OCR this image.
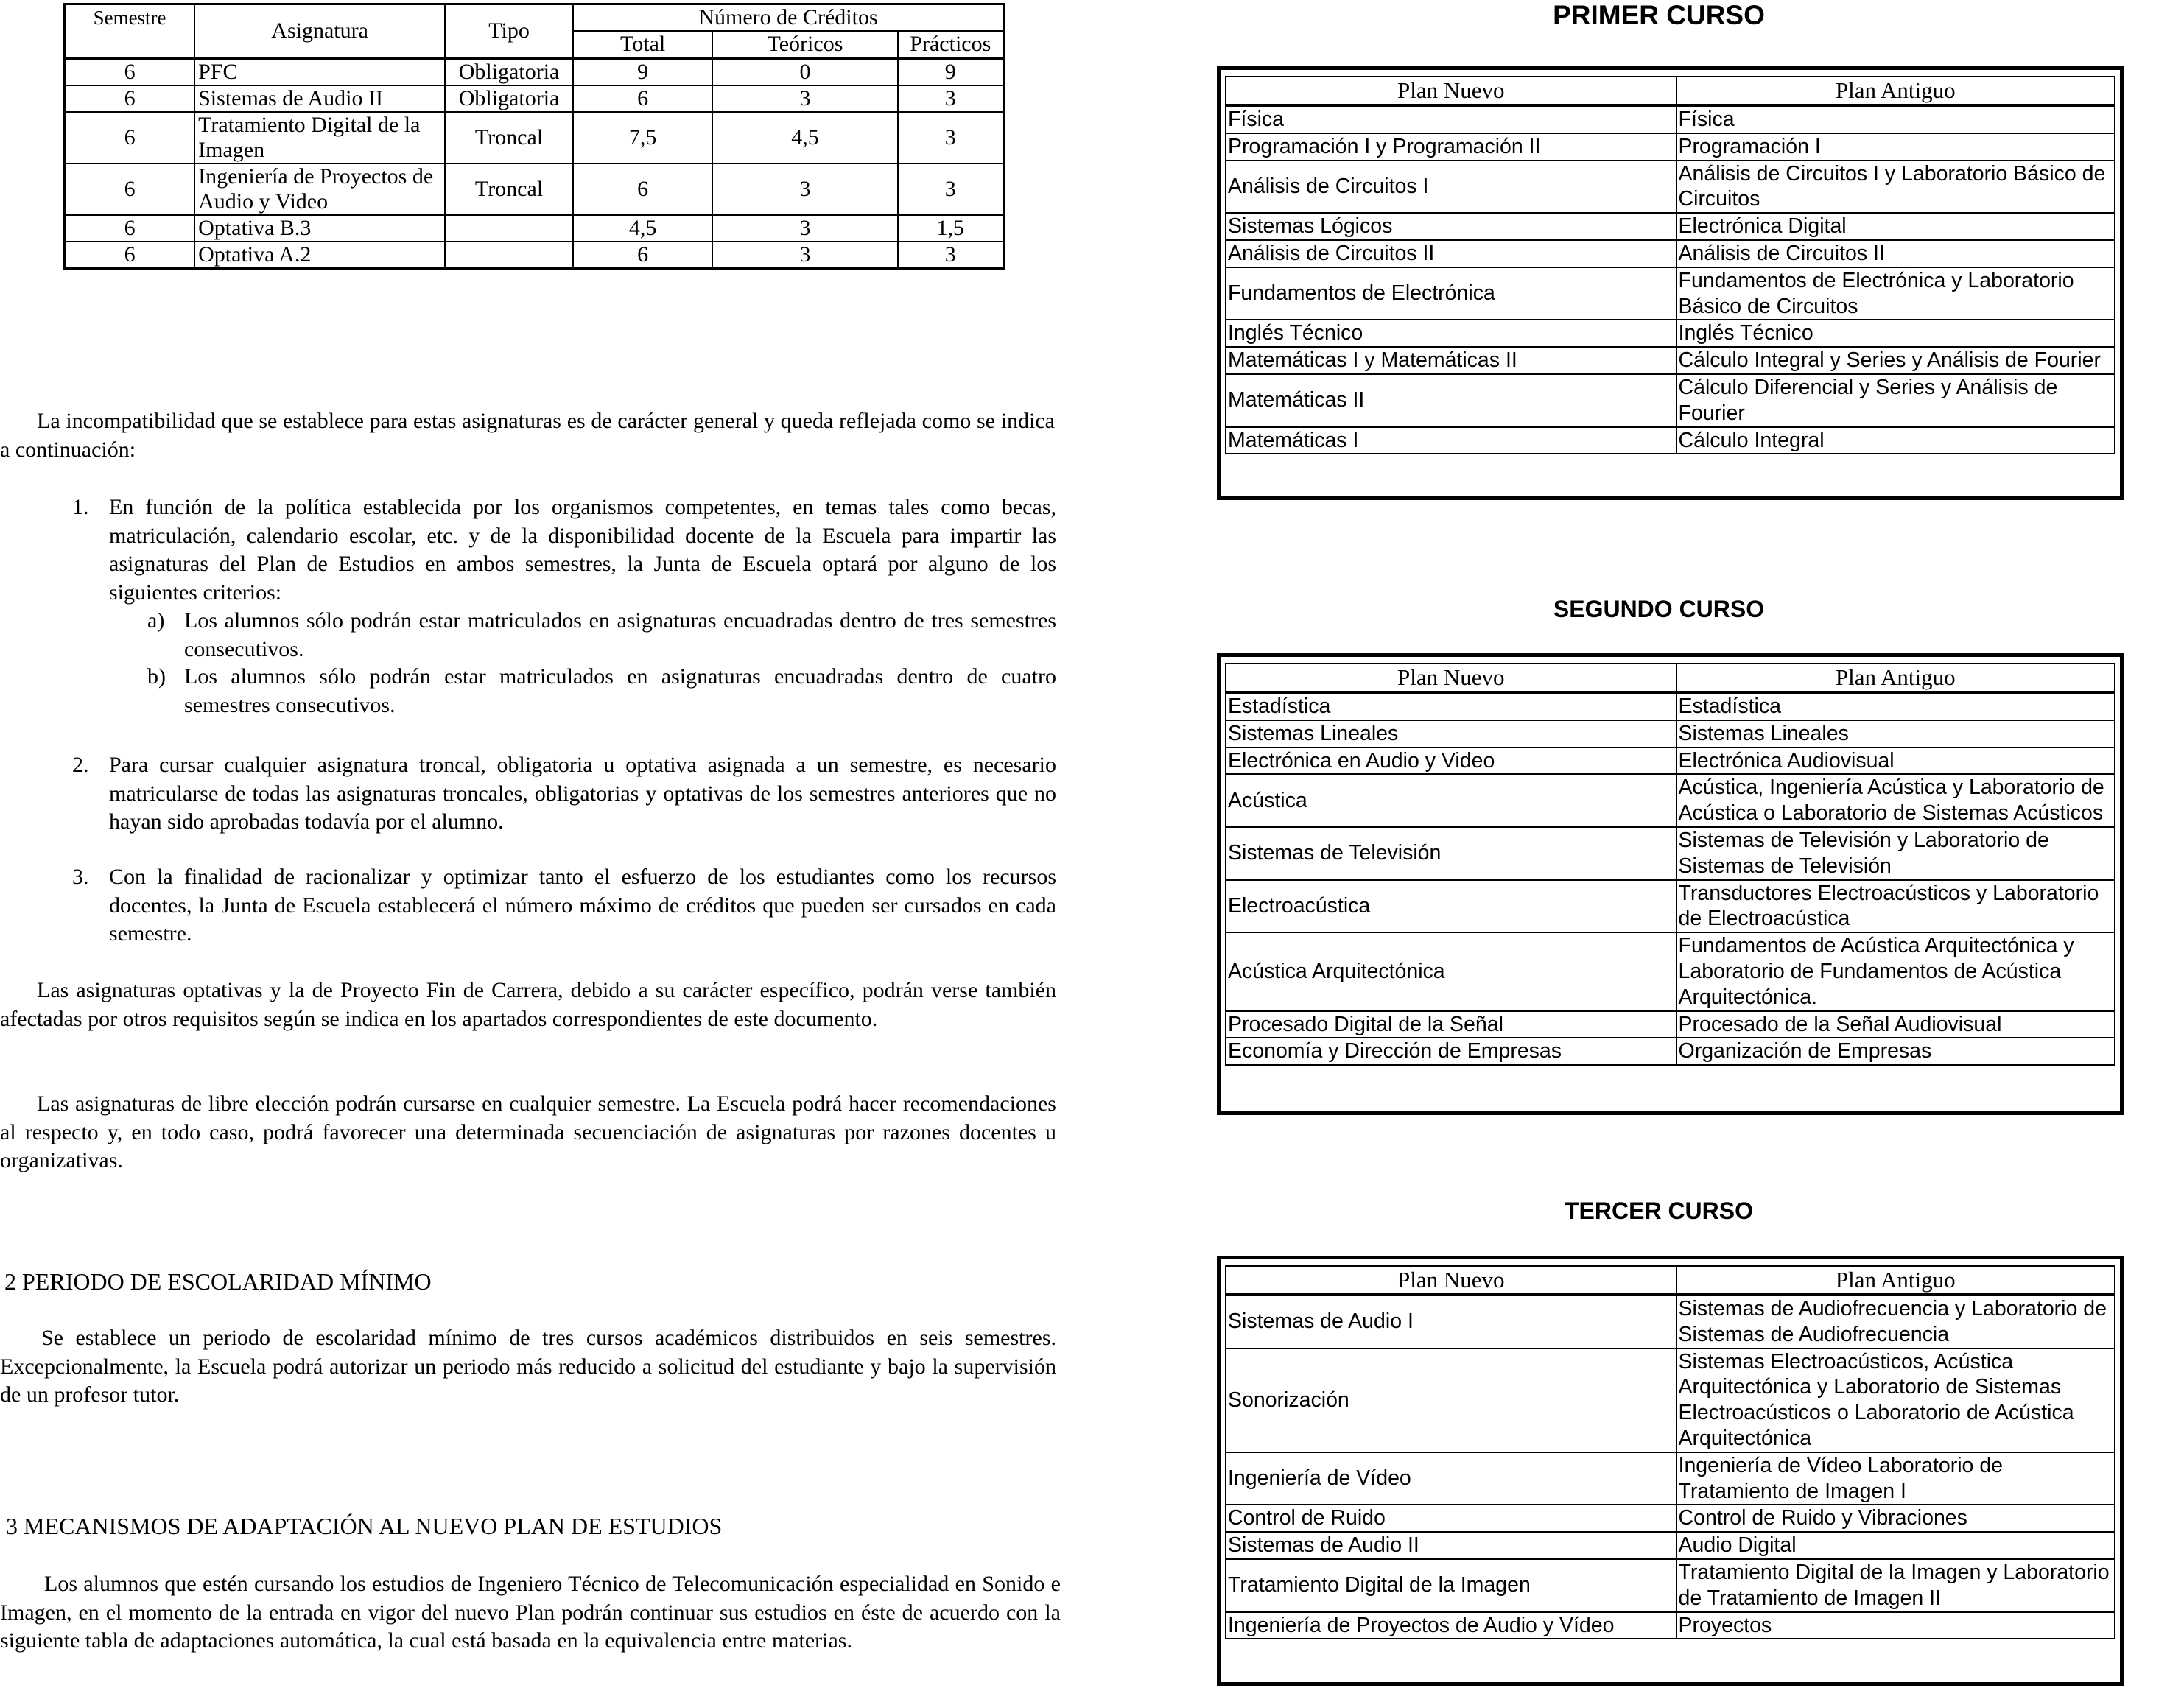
Semestre	Asignatura	Tipo	Número de Créditos		
			Total	Teóricos	Prácticos
6	PFC	Obligatoria	9	0	9
6	Sistemas de Audio II	Obligatoria	6	3	3
6	Tratamiento Digital de la Imagen	Troncal	7,5	4,5	3
6	Ingeniería de Proyectos de Audio y Video	Troncal	6	3	3
6	Optativa B.3		4,5	3	1,5
6	Optativa A.2		6	3	3
La incompatibilidad que se establece para estas asignaturas es de carácter general y queda reflejada como se indica a continuación:
1. En función de la política establecida por los organismos competentes, en temas tales como becas, matriculación, calendario escolar, etc. y de la disponibilidad docente de la Escuela para impartir las asignaturas del Plan de Estudios en ambos semestres, la Junta de Escuela optará por alguno de los siguientes criterios:
a) Los alumnos sólo podrán estar matriculados en asignaturas encuadradas dentro de tres semestres consecutivos.
b) Los alumnos sólo podrán estar matriculados en asignaturas encuadradas dentro de cuatro semestres consecutivos.
2. Para cursar cualquier asignatura troncal, obligatoria u optativa asignada a un semestre, es necesario matricularse de todas las asignaturas troncales, obligatorias y optativas de los semestres anteriores que no hayan sido aprobadas todavía por el alumno.
3. Con la finalidad de racionalizar y optimizar tanto el esfuerzo de los estudiantes como los recursos docentes, la Junta de Escuela establecerá el número máximo de créditos que pueden ser cursados en cada semestre.
Las asignaturas optativas y la de Proyecto Fin de Carrera, debido a su carácter específico, podrán verse también afectadas por otros requisitos según se indica en los apartados correspondientes de este documento.
Las asignaturas de libre elección podrán cursarse en cualquier semestre. La Escuela podrá hacer recomendaciones al respecto y, en todo caso, podrá favorecer una determinada secuenciación de asignaturas por razones docentes u organizativas.
2 PERIODO DE ESCOLARIDAD MÍNIMO
Se establece un periodo de escolaridad mínimo de tres cursos académicos distribuidos en seis semestres. Excepcionalmente, la Escuela podrá autorizar un periodo más reducido a solicitud del estudiante y bajo la supervisión de un profesor tutor.
3 MECANISMOS DE ADAPTACIÓN AL NUEVO PLAN DE ESTUDIOS
Los alumnos que estén cursando los estudios de Ingeniero Técnico de Telecomunicación especialidad en Sonido e Imagen, en el momento de la entrada en vigor del nuevo Plan podrán continuar sus estudios en éste de acuerdo con la siguiente tabla de adaptaciones automática, la cual está basada en la equivalencia entre materias.
PRIMER CURSO
Plan Nuevo	Plan Antiguo
Física	Física
Programación I y Programación II	Programación I
Análisis de Circuitos I	Análisis de Circuitos I y Laboratorio Básico de Circuitos
Sistemas Lógicos	Electrónica Digital
Análisis de Circuitos II	Análisis de Circuitos II
Fundamentos de Electrónica	Fundamentos de Electrónica y Laboratorio Básico de Circuitos
Inglés Técnico	Inglés Técnico
Matemáticas I y Matemáticas II	Cálculo Integral y Series y Análisis de Fourier
Matemáticas II	Cálculo Diferencial y Series y Análisis de Fourier
Matemáticas I	Cálculo Integral
SEGUNDO CURSO
Plan Nuevo	Plan Antiguo
Estadística	Estadística
Sistemas Lineales	Sistemas Lineales
Electrónica en Audio y Video	Electrónica Audiovisual
Acústica	Acústica, Ingeniería Acústica y Laboratorio de Acústica o Laboratorio de Sistemas Acústicos
Sistemas de Televisión	Sistemas de Televisión y Laboratorio de Sistemas de Televisión
Electroacústica	Transductores Electroacústicos y Laboratorio de Electroacústica
Acústica Arquitectónica	Fundamentos de Acústica Arquitectónica y Laboratorio de Fundamentos de Acústica Arquitectónica.
Procesado Digital de la Señal	Procesado de la Señal Audiovisual
Economía y Dirección de Empresas	Organización de Empresas
TERCER CURSO
Plan Nuevo	Plan Antiguo
Sistemas de Audio I	Sistemas de Audiofrecuencia y Laboratorio de Sistemas de Audiofrecuencia
Sonorización	Sistemas Electroacústicos, Acústica Arquitectónica y Laboratorio de Sistemas Electroacústicos o Laboratorio de Acústica Arquitectónica
Ingeniería de Vídeo	Ingeniería de Vídeo Laboratorio de Tratamiento de Imagen I
Control de Ruido	Control de Ruido y Vibraciones
Sistemas de Audio II	Audio Digital
Tratamiento Digital de la Imagen	Tratamiento Digital de la Imagen y Laboratorio de Tratamiento de Imagen II
Ingeniería de Proyectos de Audio y Vídeo	Proyectos
